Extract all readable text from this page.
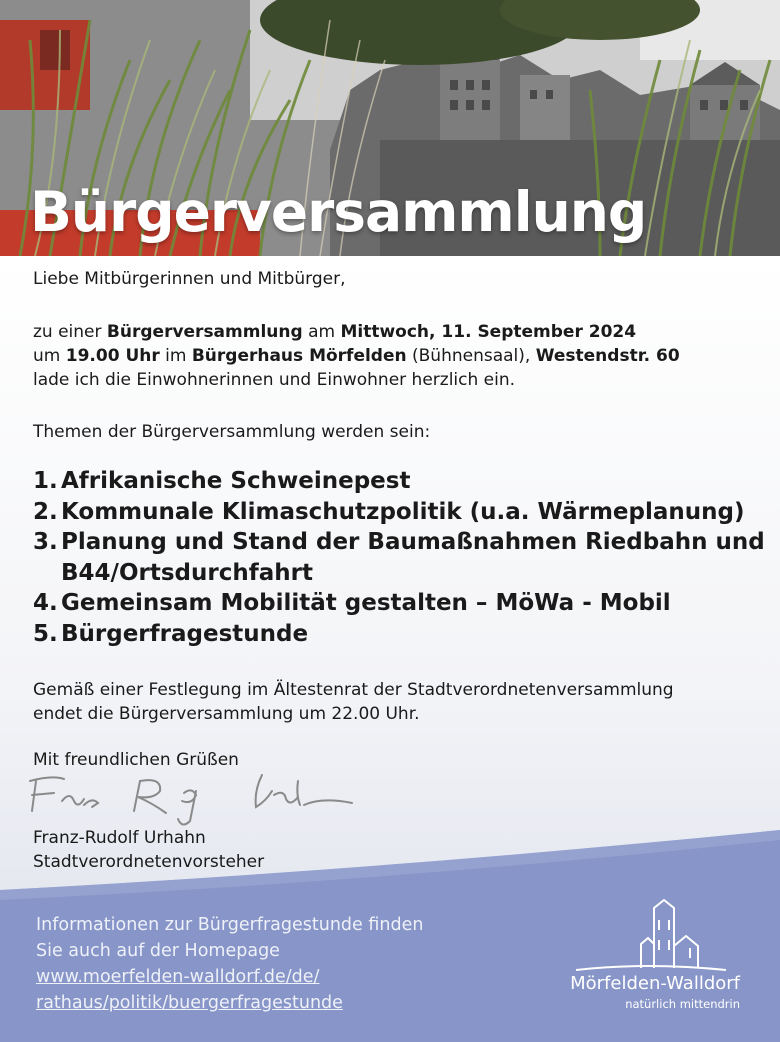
Bürgerversammlung

Liebe Mitbürgerinnen und Mitbürger,

zu einer Bürgerversammlung am Mittwoch, 11. September 2024
um 19.00 Uhr im Bürgerhaus Mörfelden (Bühnensaal), Westendstr. 60
lade ich die Einwohnerinnen und Einwohner herzlich ein.

Themen der Bürgerversammlung werden sein:

1. Afrikanische Schweinepest
2. Kommunale Klimaschutzpolitik (u.a. Wärmeplanung)
3. Planung und Stand der Baumaßnahmen Riedbahn und B44/Ortsdurchfahrt
4. Gemeinsam Mobilität gestalten – MöWa - Mobil
5. Bürgerfragestunde

Gemäß einer Festlegung im Ältestenrat der Stadtverordnetenversammlung
endet die Bürgerversammlung um 22.00 Uhr.

Mit freundlichen Grüßen

Franz-Rudolf Urhahn
Stadtverordnetenvorsteher

Informationen zur Bürgerfragestunde finden
Sie auch auf der Homepage

www.moerfelden-walldorf.de/de/
rathaus/politik/buergerfragestunde

Mörfelden-Walldorf
natürlich mittendrin
